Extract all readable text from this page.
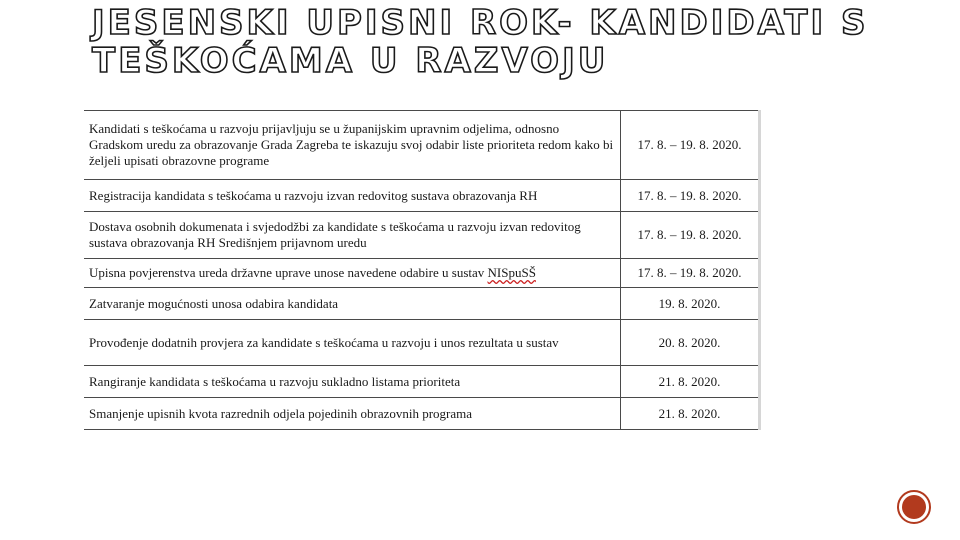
JESENSKI UPISNI ROK- KANDIDATI S
TEŠKOĆAMA U RAZVOJU
Kandidati s teškoćama u razvoju prijavljuju se u županijskim upravnim odjelima, odnosno Gradskom uredu za obrazovanje Grada Zagreba te iskazuju svoj odabir liste prioriteta redom kako bi željeli upisati obrazovne programe	17. 8. – 19. 8. 2020.
Registracija kandidata s teškoćama u razvoju izvan redovitog sustava obrazovanja RH	17. 8. – 19. 8. 2020.
Dostava osobnih dokumenata i svjedodžbi za kandidate s teškoćama u razvoju izvan redovitog sustava obrazovanja RH Središnjem prijavnom uredu	17. 8. – 19. 8. 2020.
Upisna povjerenstva ureda državne uprave unose navedene odabire u sustav NISpuSŠ	17. 8. – 19. 8. 2020.
Zatvaranje mogućnosti unosa odabira kandidata	19. 8. 2020.
Provođenje dodatnih provjera za kandidate s teškoćama u razvoju i unos rezultata u sustav	20. 8. 2020.
Rangiranje kandidata s teškoćama u razvoju sukladno listama prioriteta	21. 8. 2020.
Smanjenje upisnih kvota razrednih odjela pojedinih obrazovnih programa	21. 8. 2020.
